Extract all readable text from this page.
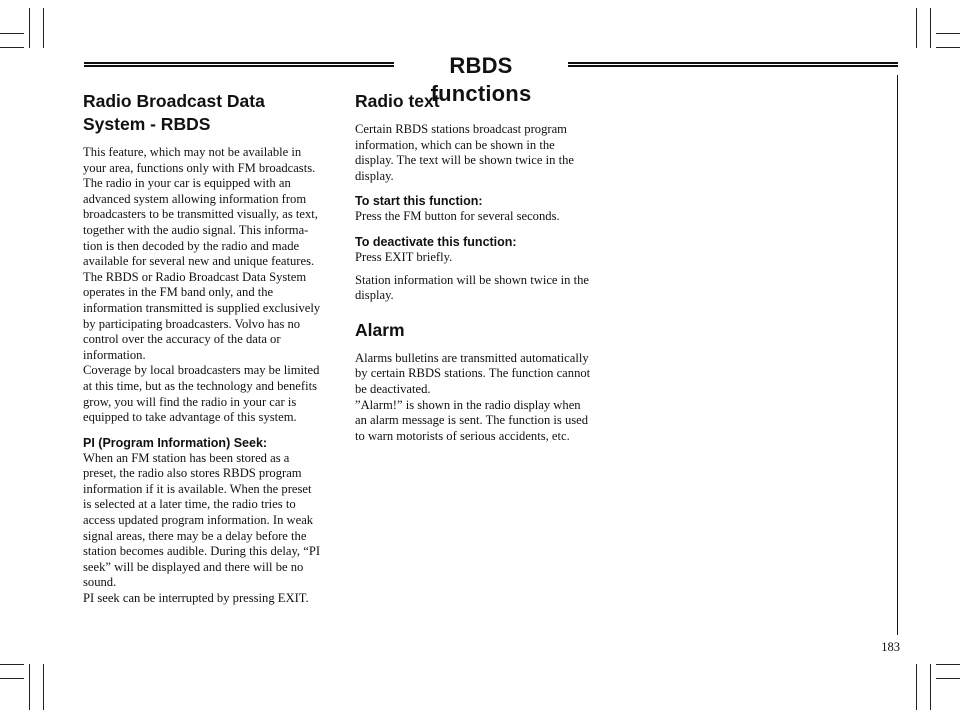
RBDS functions
Radio Broadcast Data
System - RBDS

This feature, which may not be available in
your area, functions only with FM broadcasts.
The radio in your car is equipped with an
advanced system allowing information from
broadcasters to be transmitted visually, as text,
together with the audio signal. This informa-
tion is then decoded by the radio and made
available for several new and unique features.
The RBDS or Radio Broadcast Data System
operates in the FM band only, and the
information transmitted is supplied exclusively
by participating broadcasters. Volvo has no
control over the accuracy of the data or
information.
Coverage by local broadcasters may be limited
at this time, but as the technology and benefits
grow, you will find the radio in your car is
equipped to take advantage of this system.

PI (Program Information) Seek:

When an FM station has been stored as a
preset, the radio also stores RBDS program
information if it is available. When the preset
is selected at a later time, the radio tries to
access updated program information. In weak
signal areas, there may be a delay before the
station becomes audible. During this delay, “PI
seek” will be displayed and there will be no
sound.
PI seek can be interrupted by pressing EXIT.

Radio text

Certain RBDS stations broadcast program
information, which can be shown in the
display. The text will be shown twice in the
display.

To start this function:

Press the FM button for several seconds.

To deactivate this function:

Press EXIT briefly.

Station information will be shown twice in the
display.

Alarm

Alarms bulletins are transmitted automatically
by certain RBDS stations. The function cannot
be deactivated.
”Alarm!” is shown in the radio display when
an alarm message is sent. The function is used
to warn motorists of serious accidents, etc.

183
